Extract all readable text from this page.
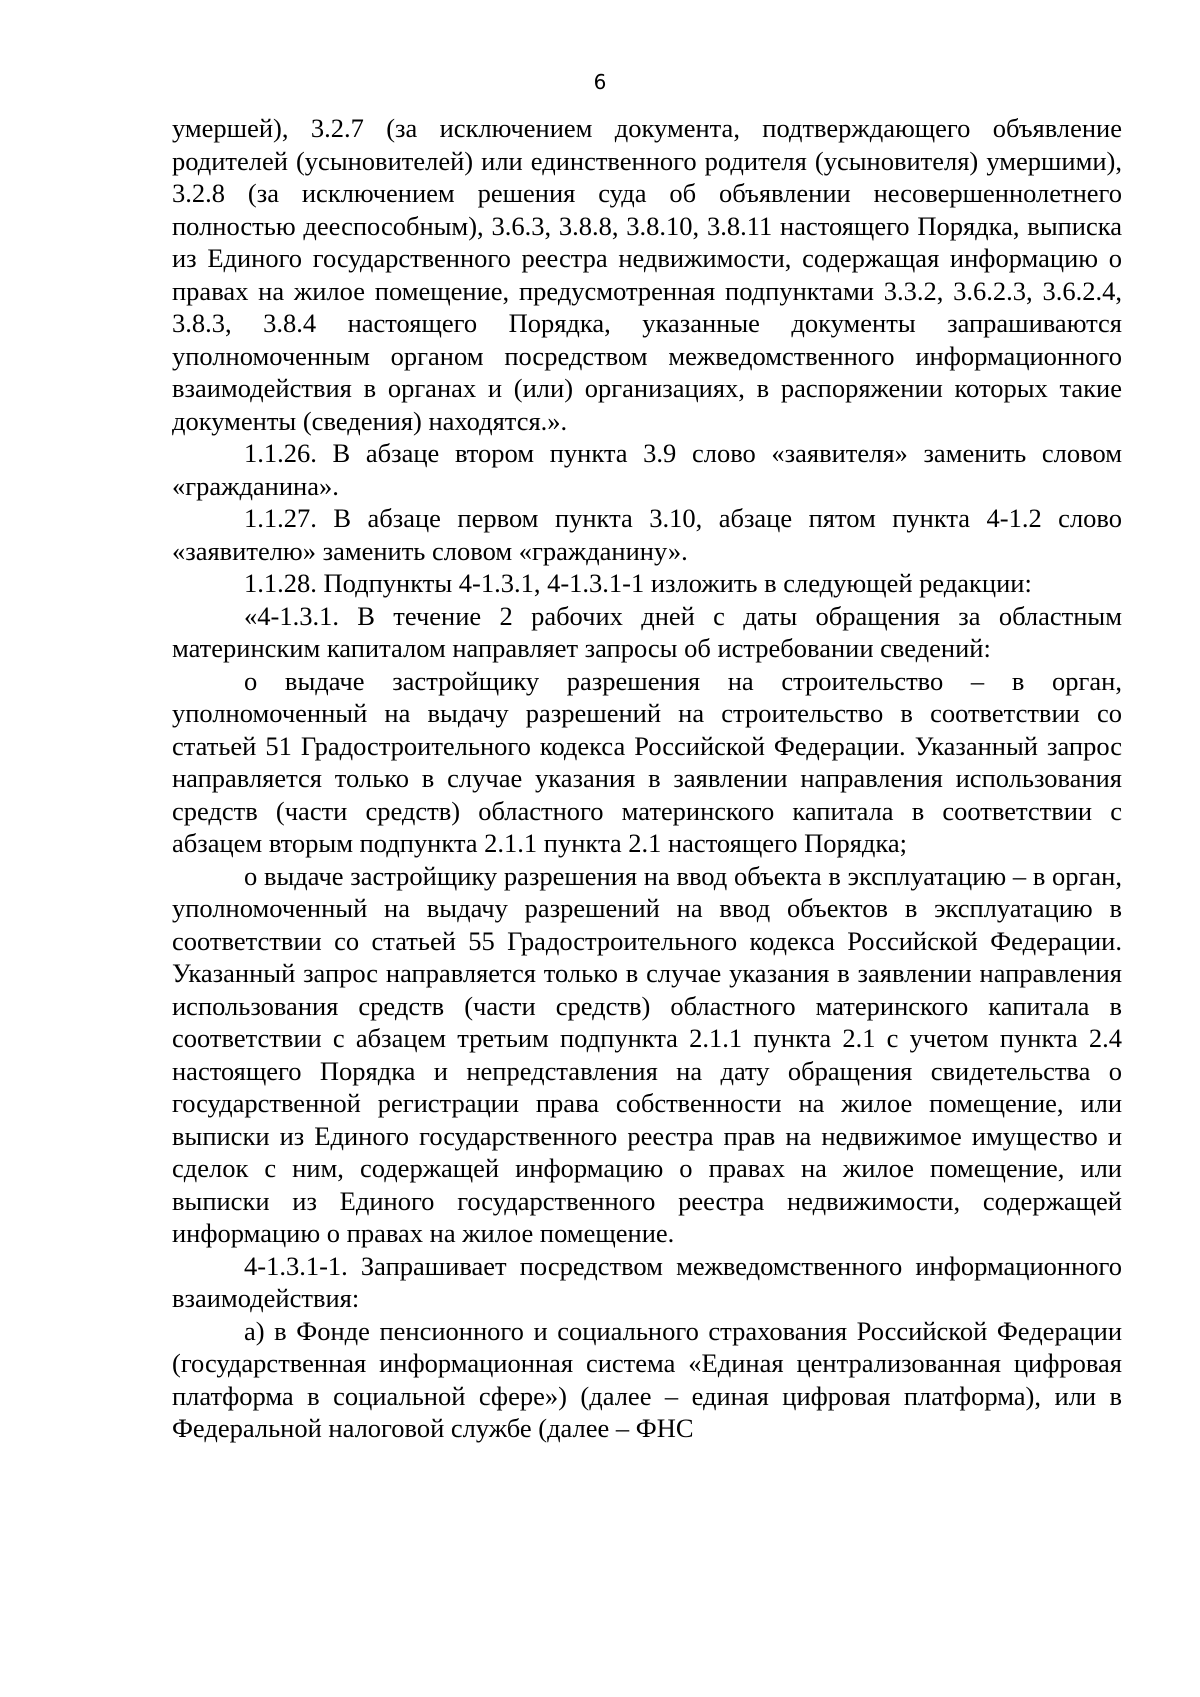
6

умершей), 3.2.7 (за исключением документа, подтверждающего объявление родителей (усыновителей) или единственного родителя (усыновителя) умершими), 3.2.8 (за исключением решения суда об объявлении несовершеннолетнего полностью дееспособным), 3.6.3, 3.8.8, 3.8.10, 3.8.11 настоящего Порядка, выписка из Единого государственного реестра недвижимости, содержащая информацию о правах на жилое помещение, предусмотренная подпунктами 3.3.2, 3.6.2.3, 3.6.2.4, 3.8.3, 3.8.4 настоящего Порядка, указанные документы запрашиваются уполномоченным органом посредством межведомственного информационного взаимодействия в органах и (или) организациях, в распоряжении которых такие документы (сведения) находятся.».

1.1.26. В абзаце втором пункта 3.9 слово «заявителя» заменить словом «гражданина».

1.1.27. В абзаце первом пункта 3.10, абзаце пятом пункта 4-1.2 слово «заявителю» заменить словом «гражданину».

1.1.28. Подпункты 4-1.3.1, 4-1.3.1-1 изложить в следующей редакции:

«4-1.3.1. В течение 2 рабочих дней с даты обращения за областным материнским капиталом направляет запросы об истребовании сведений:

о выдаче застройщику разрешения на строительство – в орган, уполномоченный на выдачу разрешений на строительство в соответствии со статьей 51 Градостроительного кодекса Российской Федерации. Указанный запрос направляется только в случае указания в заявлении направления использования средств (части средств) областного материнского капитала в соответствии с абзацем вторым подпункта 2.1.1 пункта 2.1 настоящего Порядка;

о выдаче застройщику разрешения на ввод объекта в эксплуатацию – в орган, уполномоченный на выдачу разрешений на ввод объектов в эксплуатацию в соответствии со статьей 55 Градостроительного кодекса Российской Федерации. Указанный запрос направляется только в случае указания в заявлении направления использования средств (части средств) областного материнского капитала в соответствии с абзацем третьим подпункта 2.1.1 пункта 2.1 с учетом пункта 2.4 настоящего Порядка и непредставления на дату обращения свидетельства о государственной регистрации права собственности на жилое помещение, или выписки из Единого государственного реестра прав на недвижимое имущество и сделок с ним, содержащей информацию о правах на жилое помещение, или выписки из Единого государственного реестра недвижимости, содержащей информацию о правах на жилое помещение.

4-1.3.1-1. Запрашивает посредством межведомственного информационного взаимодействия:

а) в Фонде пенсионного и социального страхования Российской Федерации (государственная информационная система «Единая централизованная цифровая платформа в социальной сфере») (далее – единая цифровая платформа), или в Федеральной налоговой службе (далее – ФНС
